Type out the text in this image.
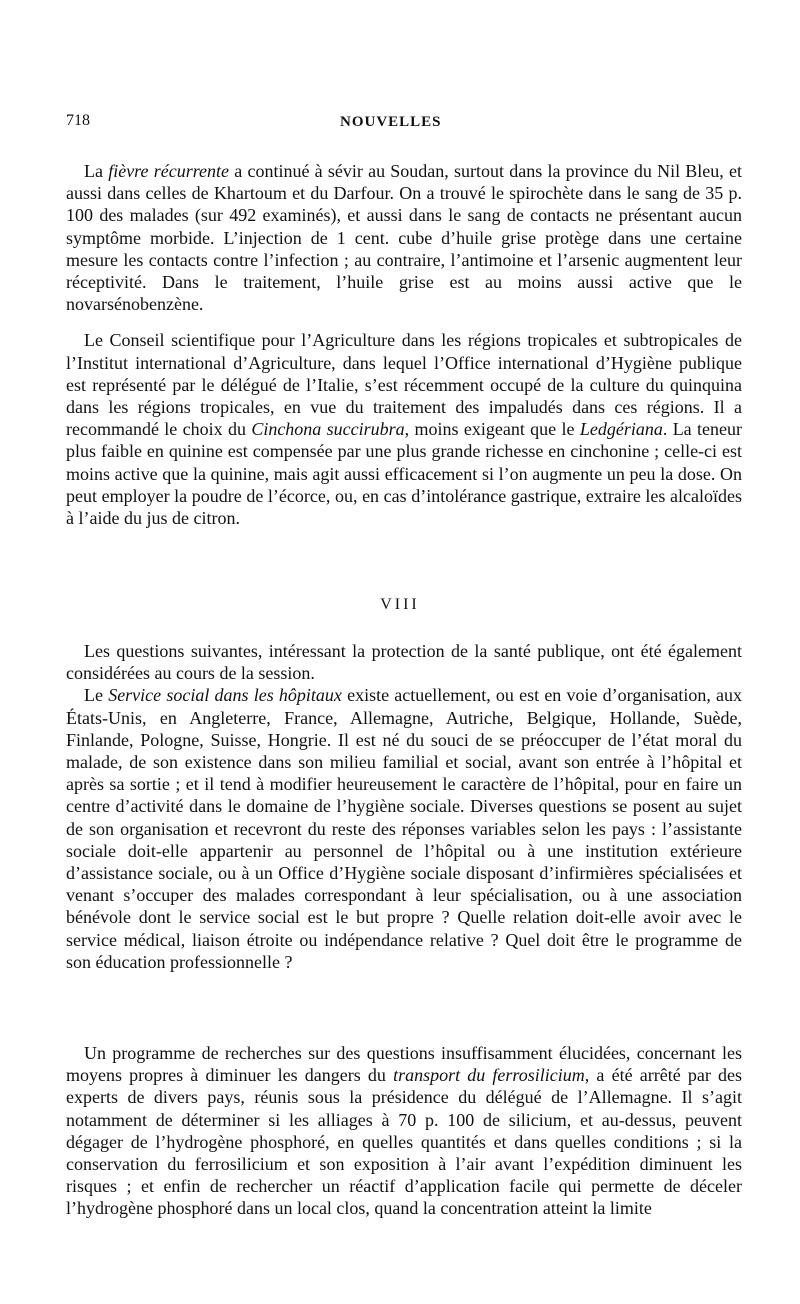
718	NOUVELLES

La fièvre récurrente a continué à sévir au Soudan, surtout dans la province du Nil Bleu, et aussi dans celles de Khartoum et du Darfour. On a trouvé le spirochète dans le sang de 35 p. 100 des malades (sur 492 examinés), et aussi dans le sang de contacts ne présentant aucun symptôme morbide. L’injection de 1 cent. cube d’huile grise protège dans une certaine mesure les contacts contre l’infection ; au contraire, l’antimoine et l’arsenic augmentent leur réceptivité. Dans le traitement, l’huile grise est au moins aussi active que le novarsénobenzène.

Le Conseil scientifique pour l’Agriculture dans les régions tropicales et subtropicales de l’Institut international d’Agriculture, dans lequel l’Office international d’Hygiène publique est représenté par le délégué de l’Italie, s’est récemment occupé de la culture du quinquina dans les régions tropicales, en vue du traitement des impaludés dans ces régions. Il a recommandé le choix du Cinchona succirubra, moins exigeant que le Ledgériana. La teneur plus faible en quinine est compensée par une plus grande richesse en cinchonine ; celle-ci est moins active que la quinine, mais agit aussi efficacement si l’on augmente un peu la dose. On peut employer la poudre de l’écorce, ou, en cas d’intolérance gastrique, extraire les alcaloïdes à l’aide du jus de citron.

VIII

Les questions suivantes, intéressant la protection de la santé publique, ont été également considérées au cours de la session.

Le Service social dans les hôpitaux existe actuellement, ou est en voie d’organisation, aux États-Unis, en Angleterre, France, Allemagne, Autriche, Belgique, Hollande, Suède, Finlande, Pologne, Suisse, Hongrie. Il est né du souci de se préoccuper de l’état moral du malade, de son existence dans son milieu familial et social, avant son entrée à l’hôpital et après sa sortie ; et il tend à modifier heureusement le caractère de l’hôpital, pour en faire un centre d’activité dans le domaine de l’hygiène sociale. Diverses questions se posent au sujet de son organisation et recevront du reste des réponses variables selon les pays : l’assistante sociale doit-elle appartenir au personnel de l’hôpital ou à une institution extérieure d’assistance sociale, ou à un Office d’Hygiène sociale disposant d’infirmières spécialisées et venant s’occuper des malades correspondant à leur spécialisation, ou à une association bénévole dont le service social est le but propre ? Quelle relation doit-elle avoir avec le service médical, liaison étroite ou indépendance relative ? Quel doit être le programme de son éducation professionnelle ?

Un programme de recherches sur des questions insuffisamment élucidées, concernant les moyens propres à diminuer les dangers du transport du ferrosilicium, a été arrêté par des experts de divers pays, réunis sous la présidence du délégué de l’Allemagne. Il s’agit notamment de déterminer si les alliages à 70 p. 100 de silicium, et au-dessus, peuvent dégager de l’hydrogène phosphoré, en quelles quantités et dans quelles conditions ; si la conservation du ferrosilicium et son exposition à l’air avant l’expédition diminuent les risques ; et enfin de rechercher un réactif d’application facile qui permette de déceler l’hydrogène phosphoré dans un local clos, quand la concentration atteint la limite
